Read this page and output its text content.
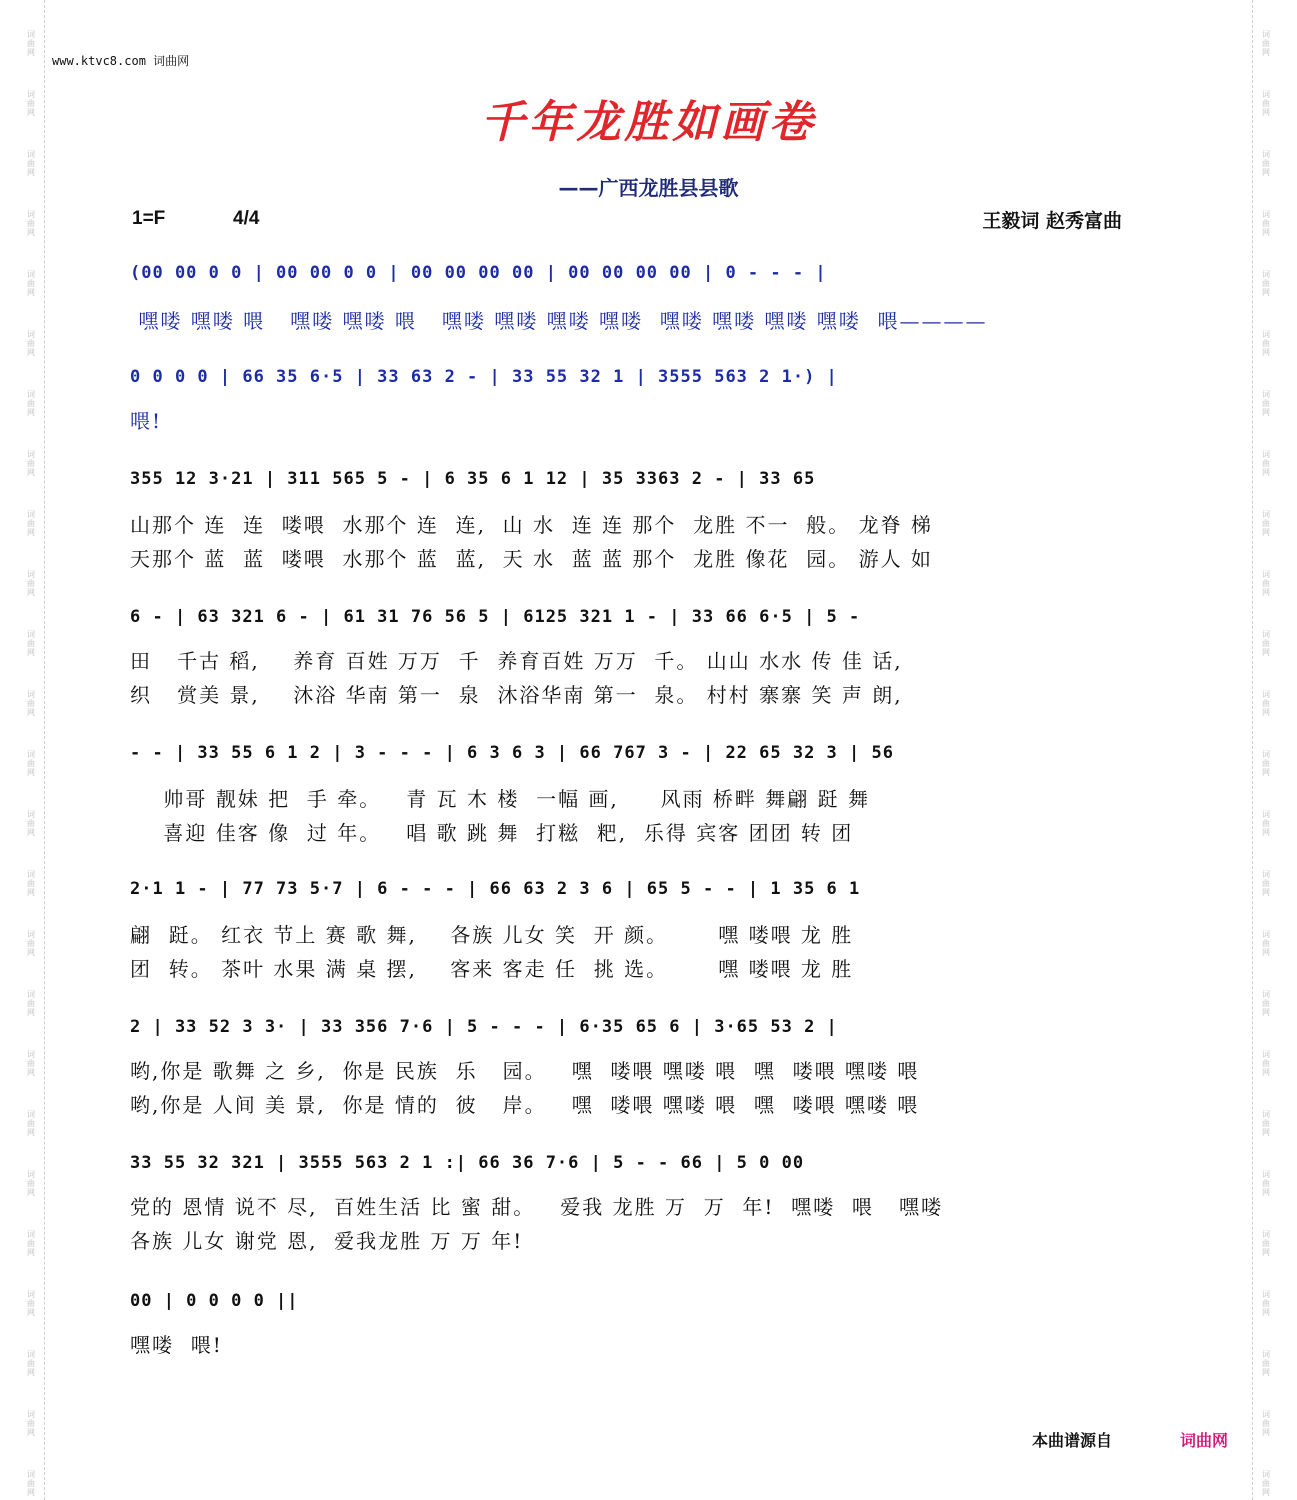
词
曲
网
词
曲
网
词
曲
网
词
曲
网
词
曲
网
词
曲
网
词
曲
网
词
曲
网
词
曲
网
词
曲
网
词
曲
网
词
曲
网
词
曲
网
词
曲
网
词
曲
网
词
曲
网
词
曲
网
词
曲
网
词
曲
网
词
曲
网
词
曲
网
词
曲
网
词
曲
网
词
曲
网
词
曲
网
词
曲
网
词
曲
网
词
曲
网
词
曲
网
词
曲
网
词
曲
网
词
曲
网
词
曲
网
词
曲
网
词
曲
网
词
曲
网
词
曲
网
词
曲
网
词
曲
网
词
曲
网
词
曲
网
词
曲
网
词
曲
网
词
曲
网
词
曲
网
词
曲
网
词
曲
网
词
曲
网
词
曲
网
词
曲
网
www.ktvc8.com 词曲网
千年龙胜如画卷
——广西龙胜县县歌
1=F	4/4	王毅词 赵秀富曲
(00 00 0 0 | 00 00 0 0 | 00 00 00 00 | 00 00 00 00 | 0 - - - |
嘿喽 嘿喽 喂   嘿喽 嘿喽 喂   嘿喽 嘿喽 嘿喽 嘿喽  嘿喽 嘿喽 嘿喽 嘿喽  喂————
0 0 0 0 | 66 35 6·5 | 33 63 2 - | 33 55 32 1 | 3555 563 2 1·) |
喂!
355 12 3·21 | 311 565 5 - | 6 35 6 1 12 | 35 3363 2 - | 33 65
山那个 连  连  喽喂  水那个 连  连,  山 水  连 连 那个  龙胜 不一  般。 龙脊 梯
天那个 蓝  蓝  喽喂  水那个 蓝  蓝,  天 水  蓝 蓝 那个  龙胜 像花  园。 游人 如
6 - | 63 321 6 - | 61 31 76 56 5 | 6125 321 1 - | 33 66 6·5 | 5 -
田   千古 稻,    养育 百姓 万万  千  养育百姓 万万  千。 山山 水水 传 佳 话,
织   赏美 景,    沐浴 华南 第一  泉  沐浴华南 第一  泉。 村村 寨寨 笑 声 朗,
- - | 33 55 6 1 2 | 3 - - - | 6 3 6 3 | 66 767 3 - | 22 65 32 3 | 56
帅哥 靓妹 把  手 牵。   青 瓦 木 楼  一幅 画,     风雨 桥畔 舞翩 跹 舞
喜迎 佳客 像  过 年。   唱 歌 跳 舞  打糍  粑,  乐得 宾客 团团 转 团
2·1 1 - | 77 73 5·7 | 6 - - - | 66 63 2 3 6 | 65 5 - - | 1 35 6 1
翩  跹。 红衣 节上 赛 歌 舞,    各族 儿女 笑  开 颜。      嘿 喽喂 龙 胜
团  转。 茶叶 水果 满 桌 摆,    客来 客走 任  挑 选。      嘿 喽喂 龙 胜
2 | 33 52 3 3· | 33 356 7·6 | 5 - - - | 6·35 65 6 | 3·65 53 2 |
哟,你是 歌舞 之 乡,  你是 民族  乐   园。   嘿  喽喂 嘿喽 喂  嘿  喽喂 嘿喽 喂
哟,你是 人间 美 景,  你是 情的  彼   岸。   嘿  喽喂 嘿喽 喂  嘿  喽喂 嘿喽 喂
33 55 32 321 | 3555 563 2 1 :| 66 36 7·6 | 5 - - 66 | 5 0 00
党的 恩情 说不 尽,  百姓生活 比 蜜 甜。   爱我 龙胜 万  万  年!  嘿喽  喂   嘿喽
各族 儿女 谢党 恩,  爱我龙胜 万 万 年!
00 | 0 0 0 0 ||
嘿喽  喂!
本曲谱源自	词曲网
